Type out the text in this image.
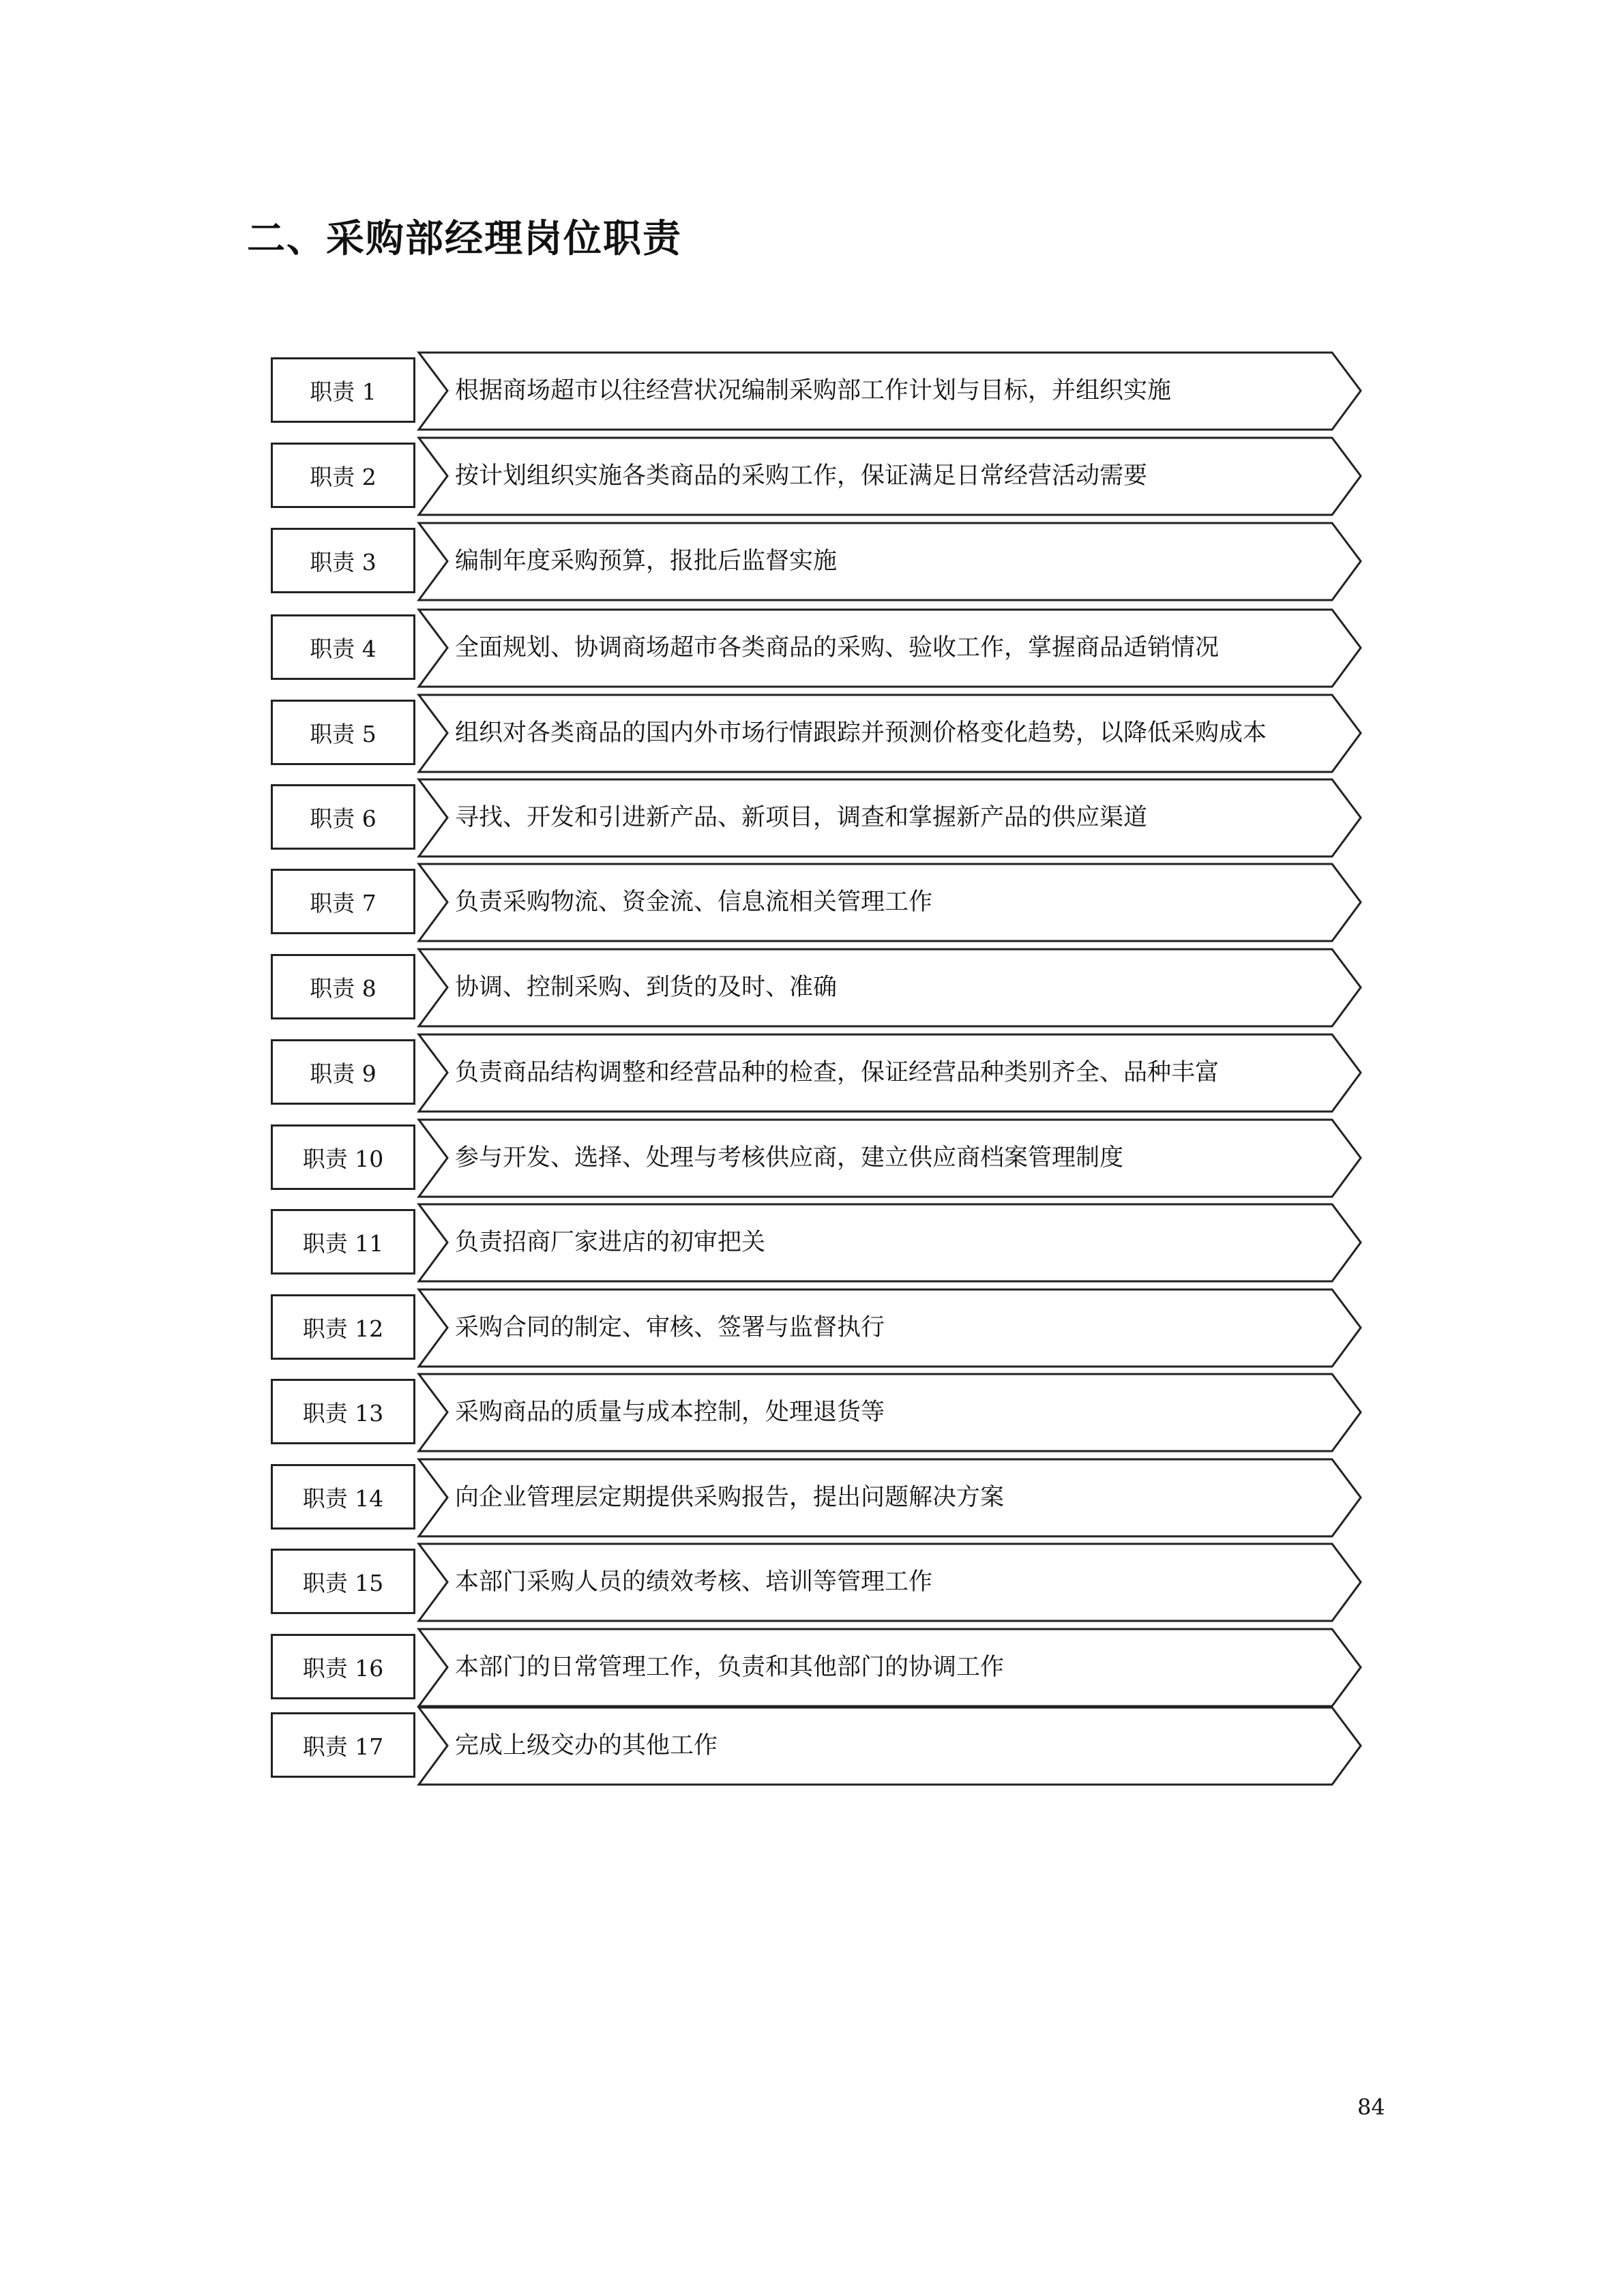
二、采购部经理岗位职责
职责 1	根据商场超市以往经营状况编制采购部工作计划与目标，并组织实施
职责 2	按计划组织实施各类商品的采购工作，保证满足日常经营活动需要
职责 3	编制年度采购预算，报批后监督实施
职责 4	全面规划、协调商场超市各类商品的采购、验收工作，掌握商品适销情况
职责 5	组织对各类商品的国内外市场行情跟踪并预测价格变化趋势，以降低采购成本
职责 6	寻找、开发和引进新产品、新项目，调查和掌握新产品的供应渠道
职责 7	负责采购物流、资金流、信息流相关管理工作
职责 8	协调、控制采购、到货的及时、准确
职责 9	负责商品结构调整和经营品种的检查，保证经营品种类别齐全、品种丰富
职责 10	参与开发、选择、处理与考核供应商，建立供应商档案管理制度
职责 11	负责招商厂家进店的初审把关
职责 12	采购合同的制定、审核、签署与监督执行
职责 13	采购商品的质量与成本控制，处理退货等
职责 14	向企业管理层定期提供采购报告，提出问题解决方案
职责 15	本部门采购人员的绩效考核、培训等管理工作
职责 16	本部门的日常管理工作，负责和其他部门的协调工作
职责 17	完成上级交办的其他工作
84
